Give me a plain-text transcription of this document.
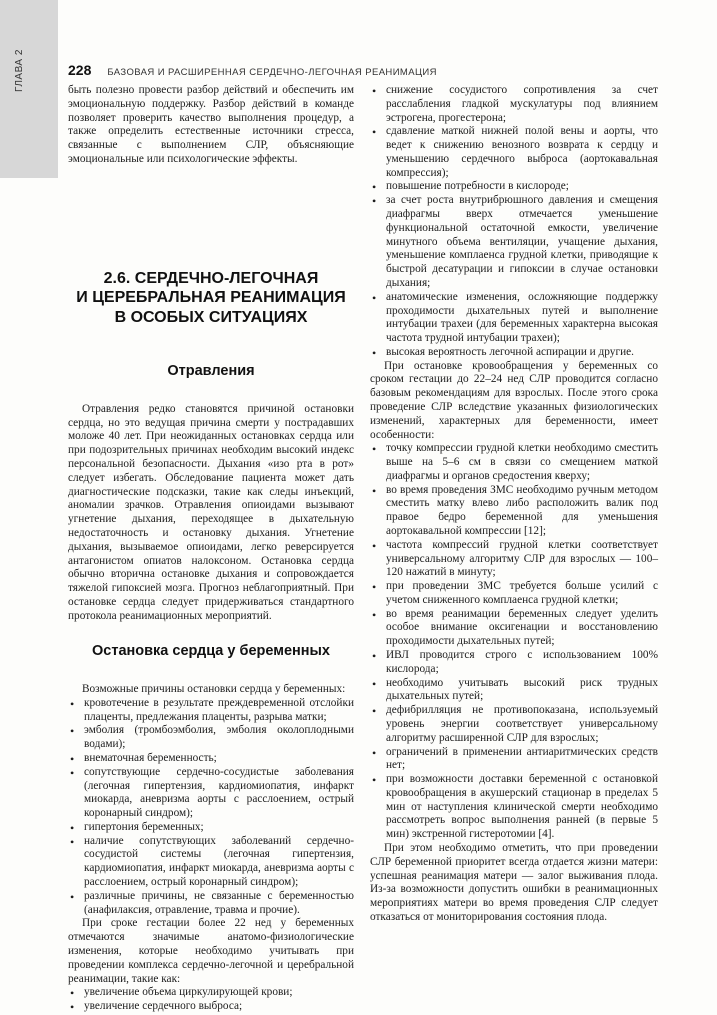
ГЛАВА 2	228 БАЗОВАЯ И РАСШИРЕННАЯ СЕРДЕЧНО-ЛЕГОЧНАЯ РЕАНИМАЦИЯ

быть полезно провести разбор действий и обеспечить им эмоциональную поддержку. Разбор действий в команде позволяет проверить качество выполнения процедур, а также определить естественные источники стресса, связанные с выполнением СЛР, объясняющие эмоциональные или психологические эффекты.

2.6. СЕРДЕЧНО-ЛЕГОЧНАЯ
И ЦЕРЕБРАЛЬНАЯ РЕАНИМАЦИЯ
В ОСОБЫХ СИТУАЦИЯХ
Отравления

Отравления редко становятся причиной остановки сердца, но это ведущая причина смерти у пострадавших моложе 40 лет. При неожиданных остановках сердца или при подозрительных причинах необходим высокий индекс персональной безопасности. Дыхания «изо рта в рот» следует избегать. Обследование пациента может дать диагностические подсказки, такие как следы инъекций, аномалии зрачков. Отравления опиоидами вызывают угнетение дыхания, переходящее в дыхательную недостаточность и остановку дыхания. Угнетение дыхания, вызываемое опиоидами, легко реверсируется антагонистом опиатов налоксоном. Остановка сердца обычно вторична остановке дыхания и сопровождается тяжелой гипоксией мозга. Прогноз неблагоприятный. При остановке сердца следует придерживаться стандартного протокола реанимационных мероприятий.

Остановка сердца у беременных

Возможные причины остановки сердца у беременных:

• кровотечение в результате преждевременной отслойки плаценты, предлежания плаценты, разрыва матки;
• эмболия (тромбоэмболия, эмболия околоплодными водами);
• внематочная беременность;
• сопутствующие сердечно-сосудистые заболевания (легочная гипертензия, кардиомиопатия, инфаркт миокарда, аневризма аорты с расслоением, острый коронарный синдром);
• гипертония беременных;
• наличие сопутствующих заболеваний сердечно-сосудистой системы (легочная гипертензия, кардиомиопатия, инфаркт миокарда, аневризма аорты с расслоением, острый коронарный синдром);
• различные причины, не связанные с беременностью (анафилаксия, отравление, травма и прочие).

При сроке гестации более 22 нед у беременных отмечаются значимые анатомо-физиологические изменения, которые необходимо учитывать при проведении комплекса сердечно-легочной и церебральной реанимации, такие как:

• увеличение объема циркулирующей крови;
• увеличение сердечного выброса;
• снижение сосудистого сопротивления за счет расслабления гладкой мускулатуры под влиянием эстрогена, прогестерона;
• сдавление маткой нижней полой вены и аорты, что ведет к снижению венозного возврата к сердцу и уменьшению сердечного выброса (аортокавальная компрессия);
• повышение потребности в кислороде;
• за счет роста внутрибрюшного давления и смещения диафрагмы вверх отмечается уменьшение функциональной остаточной емкости, увеличение минутного объема вентиляции, учащение дыхания, уменьшение комплаенса грудной клетки, приводящие к быстрой десатурации и гипоксии в случае остановки дыхания;
• анатомические изменения, осложняющие поддержку проходимости дыхательных путей и выполнение интубации трахеи (для беременных характерна высокая частота трудной интубации трахеи);
• высокая вероятность легочной аспирации и другие.

При остановке кровообращения у беременных со сроком гестации до 22–24 нед СЛР проводится согласно базовым рекомендациям для взрослых. После этого срока проведение СЛР вследствие указанных физиологических изменений, характерных для беременности, имеет особенности:

• точку компрессии грудной клетки необходимо сместить выше на 5–6 см в связи со смещением маткой диафрагмы и органов средостения кверху;
• во время проведения ЗМС необходимо ручным методом сместить матку влево либо расположить валик под правое бедро беременной для уменьшения аортокавальной компрессии [12];
• частота компрессий грудной клетки соответствует универсальному алгоритму СЛР для взрослых — 100–120 нажатий в минуту;
• при проведении ЗМС требуется больше усилий с учетом сниженного комплаенса грудной клетки;
• во время реанимации беременных следует уделить особое внимание оксигенации и восстановлению проходимости дыхательных путей;
• ИВЛ проводится строго с использованием 100% кислорода;
• необходимо учитывать высокий риск трудных дыхательных путей;
• дефибрилляция не противопоказана, используемый уровень энергии соответствует универсальному алгоритму расширенной СЛР для взрослых;
• ограничений в применении антиаритмических средств нет;
• при возможности доставки беременной с остановкой кровообращения в акушерский стационар в пределах 5 мин от наступления клинической смерти необходимо рассмотреть вопрос выполнения ранней (в первые 5 мин) экстренной гистеротомии [4].

При этом необходимо отметить, что при проведении СЛР беременной приоритет всегда отдается жизни матери: успешная реанимация матери — залог выживания плода. Из-за возможности допустить ошибки в реанимационных мероприятиях матери во время проведения СЛР следует отказаться от мониторирования состояния плода.
